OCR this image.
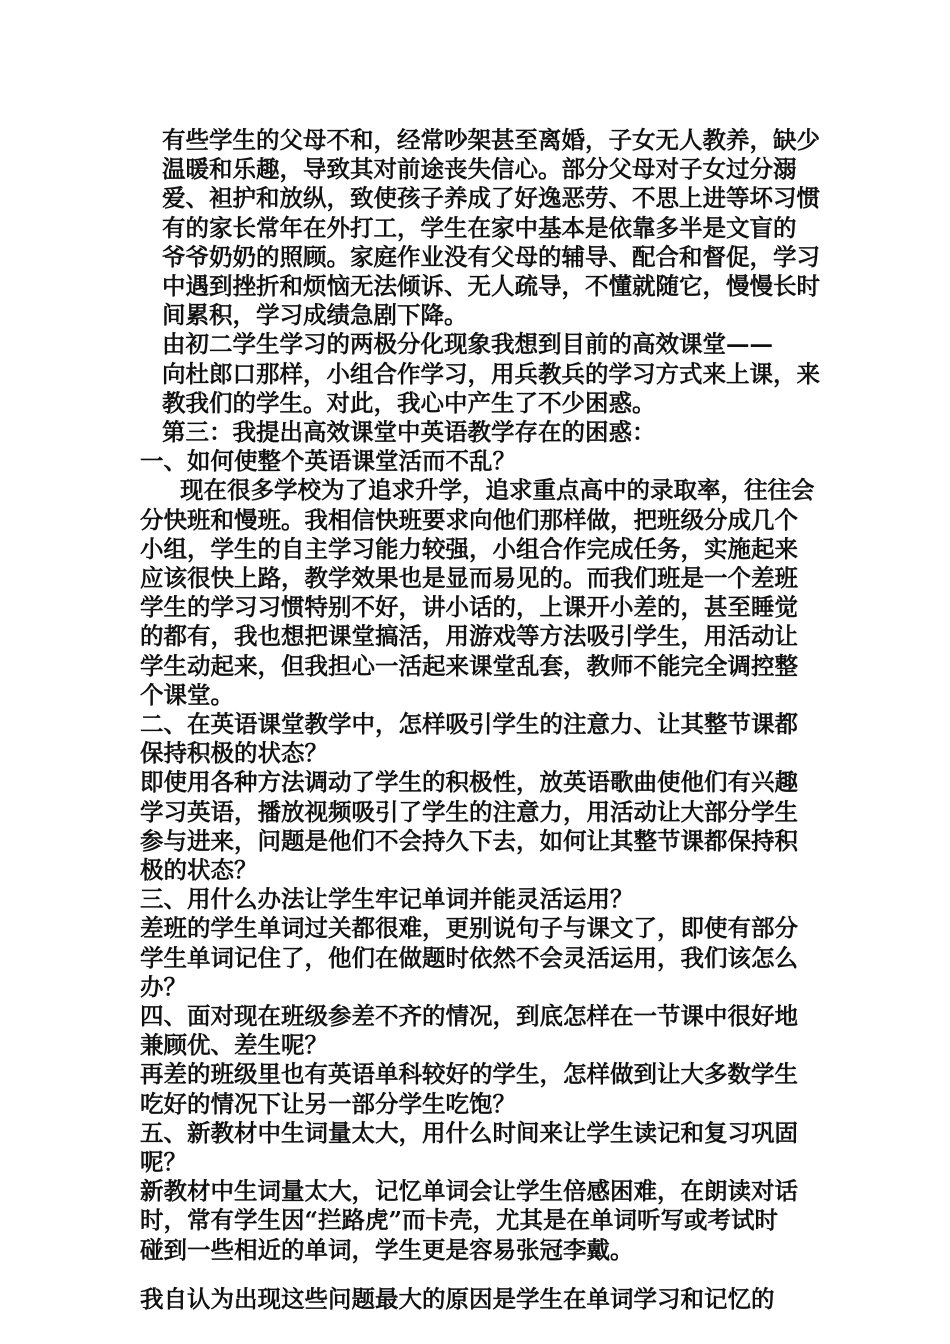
有些学生的父母不和，经常吵架甚至离婚，子女无人教养，缺少
温暖和乐趣，导致其对前途丧失信心。部分父母对子女过分溺
爱、袒护和放纵，致使孩子养成了好逸恶劳、不思上进等坏习惯
有的家长常年在外打工，学生在家中基本是依靠多半是文盲的
爷爷奶奶的照顾。家庭作业没有父母的辅导、配合和督促，学习
中遇到挫折和烦恼无法倾诉、无人疏导，不懂就随它，慢慢长时
间累积，学习成绩急剧下降。
由初二学生学习的两极分化现象我想到目前的高效课堂——
向杜郎口那样，小组合作学习，用兵教兵的学习方式来上课，来
教我们的学生。对此，我心中产生了不少困惑。
第三：我提出高效课堂中英语教学存在的困惑：
一、如何使整个英语课堂活而不乱？
现在很多学校为了追求升学，追求重点高中的录取率，往往会
分快班和慢班。我相信快班要求向他们那样做，把班级分成几个
小组，学生的自主学习能力较强，小组合作完成任务，实施起来
应该很快上路，教学效果也是显而易见的。而我们班是一个差班
学生的学习习惯特别不好，讲小话的，上课开小差的，甚至睡觉
的都有，我也想把课堂搞活，用游戏等方法吸引学生，用活动让
学生动起来，但我担心一活起来课堂乱套，教师不能完全调控整
个课堂。
二、在英语课堂教学中，怎样吸引学生的注意力、让其整节课都
保持积极的状态？
即使用各种方法调动了学生的积极性，放英语歌曲使他们有兴趣
学习英语，播放视频吸引了学生的注意力，用活动让大部分学生
参与进来，问题是他们不会持久下去，如何让其整节课都保持积
极的状态？
三、用什么办法让学生牢记单词并能灵活运用？
差班的学生单词过关都很难，更别说句子与课文了，即使有部分
学生单词记住了，他们在做题时依然不会灵活运用，我们该怎么
办？
四、面对现在班级参差不齐的情况，到底怎样在一节课中很好地
兼顾优、差生呢？
再差的班级里也有英语单科较好的学生，怎样做到让大多数学生
吃好的情况下让另一部分学生吃饱？
五、新教材中生词量太大，用什么时间来让学生读记和复习巩固
呢？
新教材中生词量太大，记忆单词会让学生倍感困难，在朗读对话
时，常有学生因“拦路虎”而卡壳，尤其是在单词听写或考试时
碰到一些相近的单词，学生更是容易张冠李戴。
我自认为出现这些问题最大的原因是学生在单词学习和记忆的
